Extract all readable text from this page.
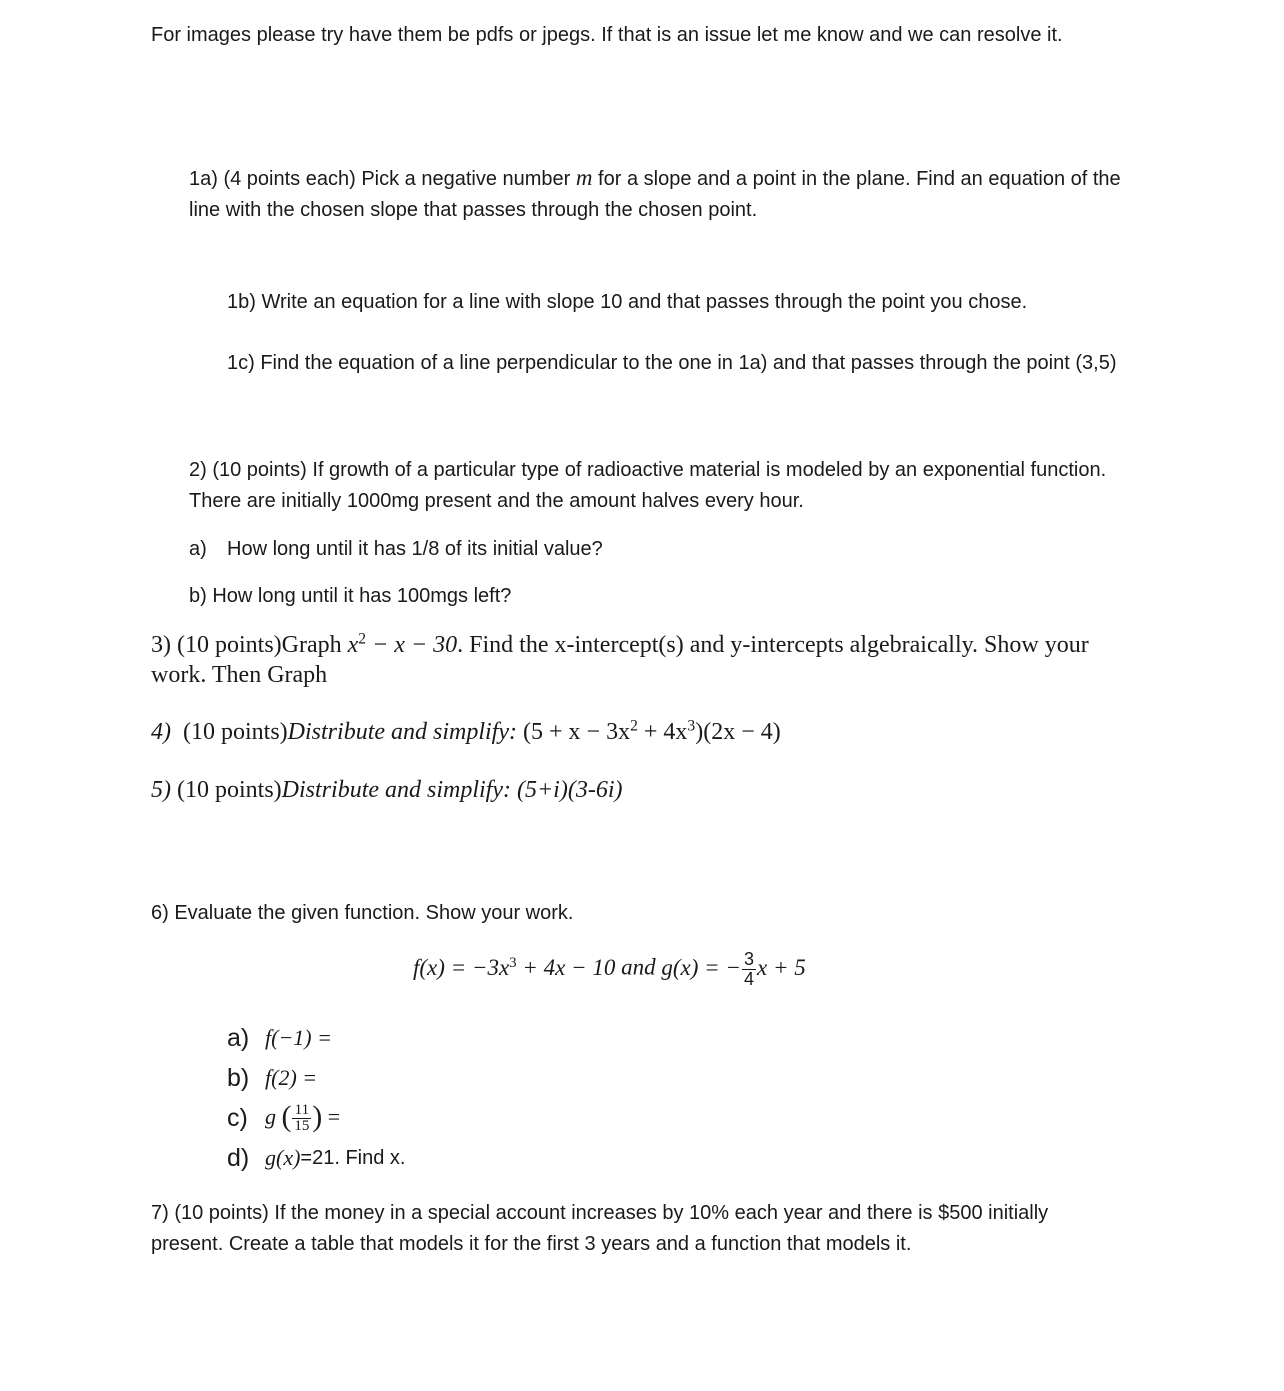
For images please try have them be pdfs or jpegs. If that is an issue let me know and we can resolve it.
1a) (4 points each) Pick a negative number m for a slope and a point in the plane. Find an equation of the line with the chosen slope that passes through the chosen point.
1b) Write an equation for a line with slope 10 and that passes through the point you chose.
1c) Find the equation of a line perpendicular to the one in 1a) and that passes through the point (3,5)
2) (10 points) If growth of a particular type of radioactive material is modeled by an exponential function. There are initially 1000mg present and the amount halves every hour.
a) How long until it has 1/8 of its initial value?
b) How long until it has 100mgs left?
3) (10 points)Graph $x^2 - x - 30$. Find the x-intercept(s) and y-intercepts algebraically. Show your work. Then Graph
4) (10 points)Distribute and simplify: $(5 + x - 3x^2 + 4x^3)(2x - 4)$
5) (10 points)Distribute and simplify: (5+i)(3-6i)
6) Evaluate the given function. Show your work.
$f(x) = -3x^3 + 4x - 10$ and g(x) = − $\frac{3}{4}$ x + 5
a) f(−1) =
b) f(2) =
c) g ( $\frac{11}{15}$ ) =
d) g(x) =21. Find x.
7) (10 points) If the money in a special account increases by 10% each year and there is $500 initially present. Create a table that models it for the first 3 years and a function that models it.
